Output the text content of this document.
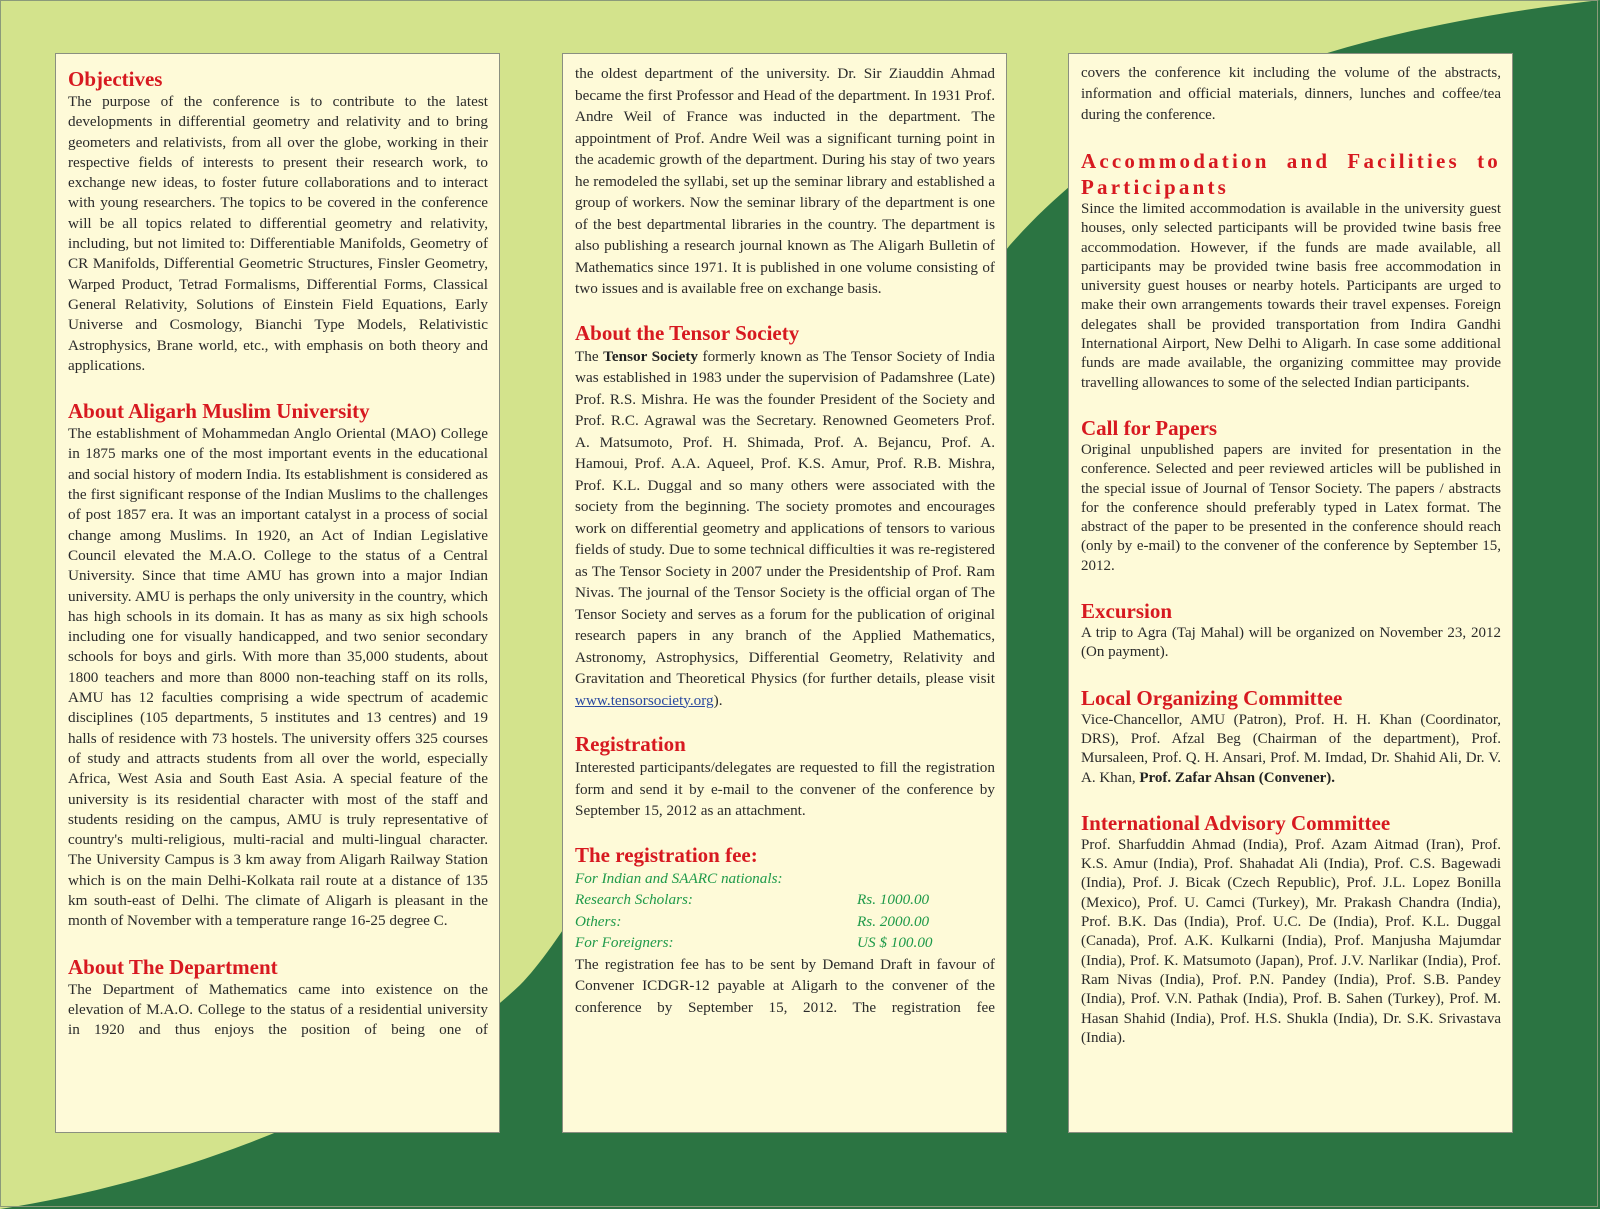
Objectives

The purpose of the conference is to contribute to the latest developments in differential geometry and relativity and to bring geometers and relativists, from all over the globe, working in their respective fields of interests to present their research work, to exchange new ideas, to foster future collaborations and to interact with young researchers. The topics to be covered in the conference will be all topics related to differential geometry and relativity, including, but not limited to: Differentiable Manifolds, Geometry of CR Manifolds, Differential Geometric Structures, Finsler Geometry, Warped Product, Tetrad Formalisms, Differential Forms, Classical General Relativity, Solutions of Einstein Field Equations, Early Universe and Cosmology, Bianchi Type Models, Relativistic Astrophysics, Brane world, etc., with emphasis on both theory and applications.

About Aligarh Muslim University

The establishment of Mohammedan Anglo Oriental (MAO) College in 1875 marks one of the most important events in the educational and social history of modern India. Its establishment is considered as the first significant response of the Indian Muslims to the challenges of post 1857 era. It was an important catalyst in a process of social change among Muslims. In 1920, an Act of Indian Legislative Council elevated the M.A.O. College to the status of a Central University. Since that time AMU has grown into a major Indian university. AMU is perhaps the only university in the country, which has high schools in its domain. It has as many as six high schools including one for visually handicapped, and two senior secondary schools for boys and girls. With more than 35,000 students, about 1800 teachers and more than 8000 non-teaching staff on its rolls, AMU has 12 faculties comprising a wide spectrum of academic disciplines (105 departments, 5 institutes and 13 centres) and 19 halls of residence with 73 hostels. The university offers 325 courses of study and attracts students from all over the world, especially Africa, West Asia and South East Asia. A special feature of the university is its residential character with most of the staff and students residing on the campus, AMU is truly representative of country's multi-religious, multi-racial and multi-lingual character. The University Campus is 3 km away from Aligarh Railway Station which is on the main Delhi-Kolkata rail route at a distance of 135 km south-east of Delhi. The climate of Aligarh is pleasant in the month of November with a temperature range 16-25 degree C.

About The Department

The Department of Mathematics came into existence on the elevation of M.A.O. College to the status of a residential university in 1920 and thus enjoys the position of being one of

the oldest department of the university. Dr. Sir Ziauddin Ahmad became the first Professor and Head of the department. In 1931 Prof. Andre Weil of France was inducted in the department. The appointment of Prof. Andre Weil was a significant turning point in the academic growth of the department. During his stay of two years he remodeled the syllabi, set up the seminar library and established a group of workers. Now the seminar library of the department is one of the best departmental libraries in the country. The department is also publishing a research journal known as The Aligarh Bulletin of Mathematics since 1971. It is published in one volume consisting of two issues and is available free on exchange basis.

About the Tensor Society

The Tensor Society formerly known as The Tensor Society of India was established in 1983 under the supervision of Padamshree (Late) Prof. R.S. Mishra. He was the founder President of the Society and Prof. R.C. Agrawal was the Secretary. Renowned Geometers Prof. A. Matsumoto, Prof. H. Shimada, Prof. A. Bejancu, Prof. A. Hamoui, Prof. A.A. Aqueel, Prof. K.S. Amur, Prof. R.B. Mishra, Prof. K.L. Duggal and so many others were associated with the society from the beginning. The society promotes and encourages work on differential geometry and applications of tensors to various fields of study. Due to some technical difficulties it was re-registered as The Tensor Society in 2007 under the Presidentship of Prof. Ram Nivas. The journal of the Tensor Society is the official organ of The Tensor Society and serves as a forum for the publication of original research papers in any branch of the Applied Mathematics, Astronomy, Astrophysics, Differential Geometry, Relativity and Gravitation and Theoretical Physics (for further details, please visit www.tensorsociety.org).

Registration

Interested participants/delegates are requested to fill the registration form and send it by e-mail to the convener of the conference by September 15, 2012 as an attachment.

The registration fee:
For Indian and SAARC nationals:
Research Scholars:	Rs. 1000.00
Others:	Rs. 2000.00
For Foreigners:	US $ 100.00

The registration fee has to be sent by Demand Draft in favour of Convener ICDGR-12 payable at Aligarh to the convener of the conference by September 15, 2012. The registration fee

covers the conference kit including the volume of the abstracts, information and official materials, dinners, lunches and coffee/tea during the conference.

Accommodation and Facilities to Participants

Since the limited accommodation is available in the university guest houses, only selected participants will be provided twine basis free accommodation. However, if the funds are made available, all participants may be provided twine basis free accommodation in university guest houses or nearby hotels. Participants are urged to make their own arrangements towards their travel expenses. Foreign delegates shall be provided transportation from Indira Gandhi International Airport, New Delhi to Aligarh. In case some additional funds are made available, the organizing committee may provide travelling allowances to some of the selected Indian participants.

Call for Papers

Original unpublished papers are invited for presentation in the conference. Selected and peer reviewed articles will be published in the special issue of Journal of Tensor Society. The papers / abstracts for the conference should preferably typed in Latex format. The abstract of the paper to be presented in the conference should reach (only by e-mail) to the convener of the conference by September 15, 2012.

Excursion

A trip to Agra (Taj Mahal) will be organized on November 23, 2012 (On payment).

Local Organizing Committee

Vice-Chancellor, AMU (Patron), Prof. H. H. Khan (Coordinator, DRS), Prof. Afzal Beg (Chairman of the department), Prof. Mursaleen, Prof. Q. H. Ansari, Prof. M. Imdad, Dr. Shahid Ali, Dr. V. A. Khan, Prof. Zafar Ahsan (Convener).

International Advisory Committee

Prof. Sharfuddin Ahmad (India), Prof. Azam Aitmad (Iran), Prof. K.S. Amur (India), Prof. Shahadat Ali (India), Prof. C.S. Bagewadi (India), Prof. J. Bicak (Czech Republic), Prof. J.L. Lopez Bonilla (Mexico), Prof. U. Camci (Turkey), Mr. Prakash Chandra (India), Prof. B.K. Das (India), Prof. U.C. De (India), Prof. K.L. Duggal (Canada), Prof. A.K. Kulkarni (India), Prof. Manjusha Majumdar (India), Prof. K. Matsumoto (Japan), Prof. J.V. Narlikar (India), Prof. Ram Nivas (India), Prof. P.N. Pandey (India), Prof. S.B. Pandey (India), Prof. V.N. Pathak (India), Prof. B. Sahen (Turkey), Prof. M. Hasan Shahid (India), Prof. H.S. Shukla (India), Dr. S.K. Srivastava (India).
